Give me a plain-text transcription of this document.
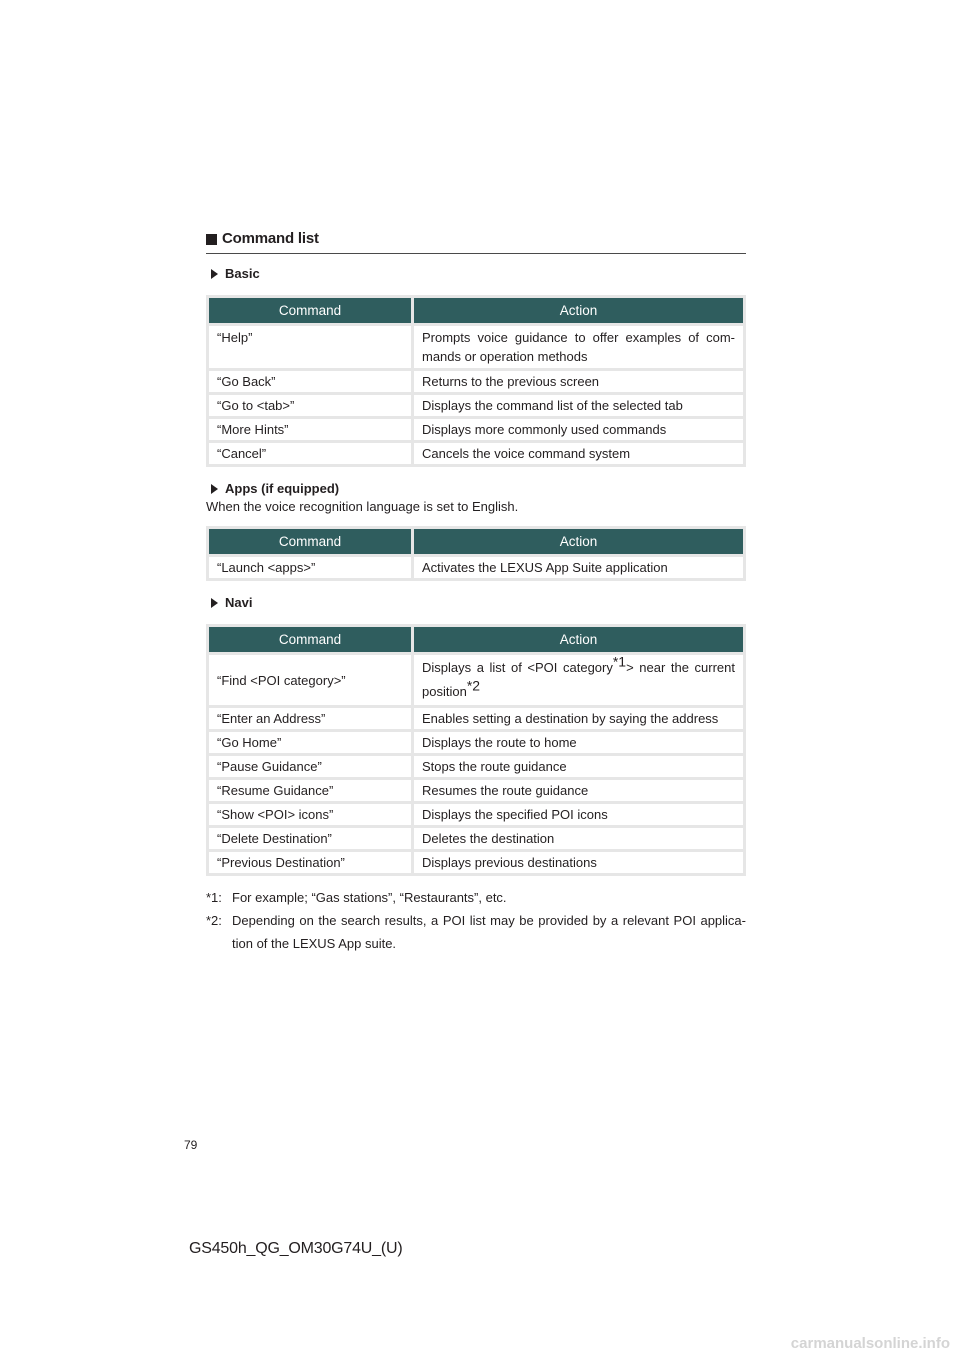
Command list
Basic
Command	Action
“Help”	Prompts voice guidance to offer examples of com-mands or operation methods
“Go Back”	Returns to the previous screen
“Go to <tab>”	Displays the command list of the selected tab
“More Hints”	Displays more commonly used commands
“Cancel”	Cancels the voice command system
Apps (if equipped)
When the voice recognition language is set to English.
Command	Action
“Launch <apps>”	Activates the LEXUS App Suite application
Navi
Command	Action
“Find <POI category>”	Displays a list of <POI category$^{*1}$> near the current position$^{*2}$
“Enter an Address”	Enables setting a destination by saying the address
“Go Home”	Displays the route to home
“Pause Guidance”	Stops the route guidance
“Resume Guidance”	Resumes the route guidance
“Show <POI> icons”	Displays the specified POI icons
“Delete Destination”	Deletes the destination
“Previous Destination”	Displays previous destinations
*1: For example; “Gas stations”, “Restaurants”, etc.
*2: Depending on the search results, a POI list may be provided by a relevant POI applica-tion of the LEXUS App suite.
79
GS450h_QG_OM30G74U_(U)
carmanualsonline.info
